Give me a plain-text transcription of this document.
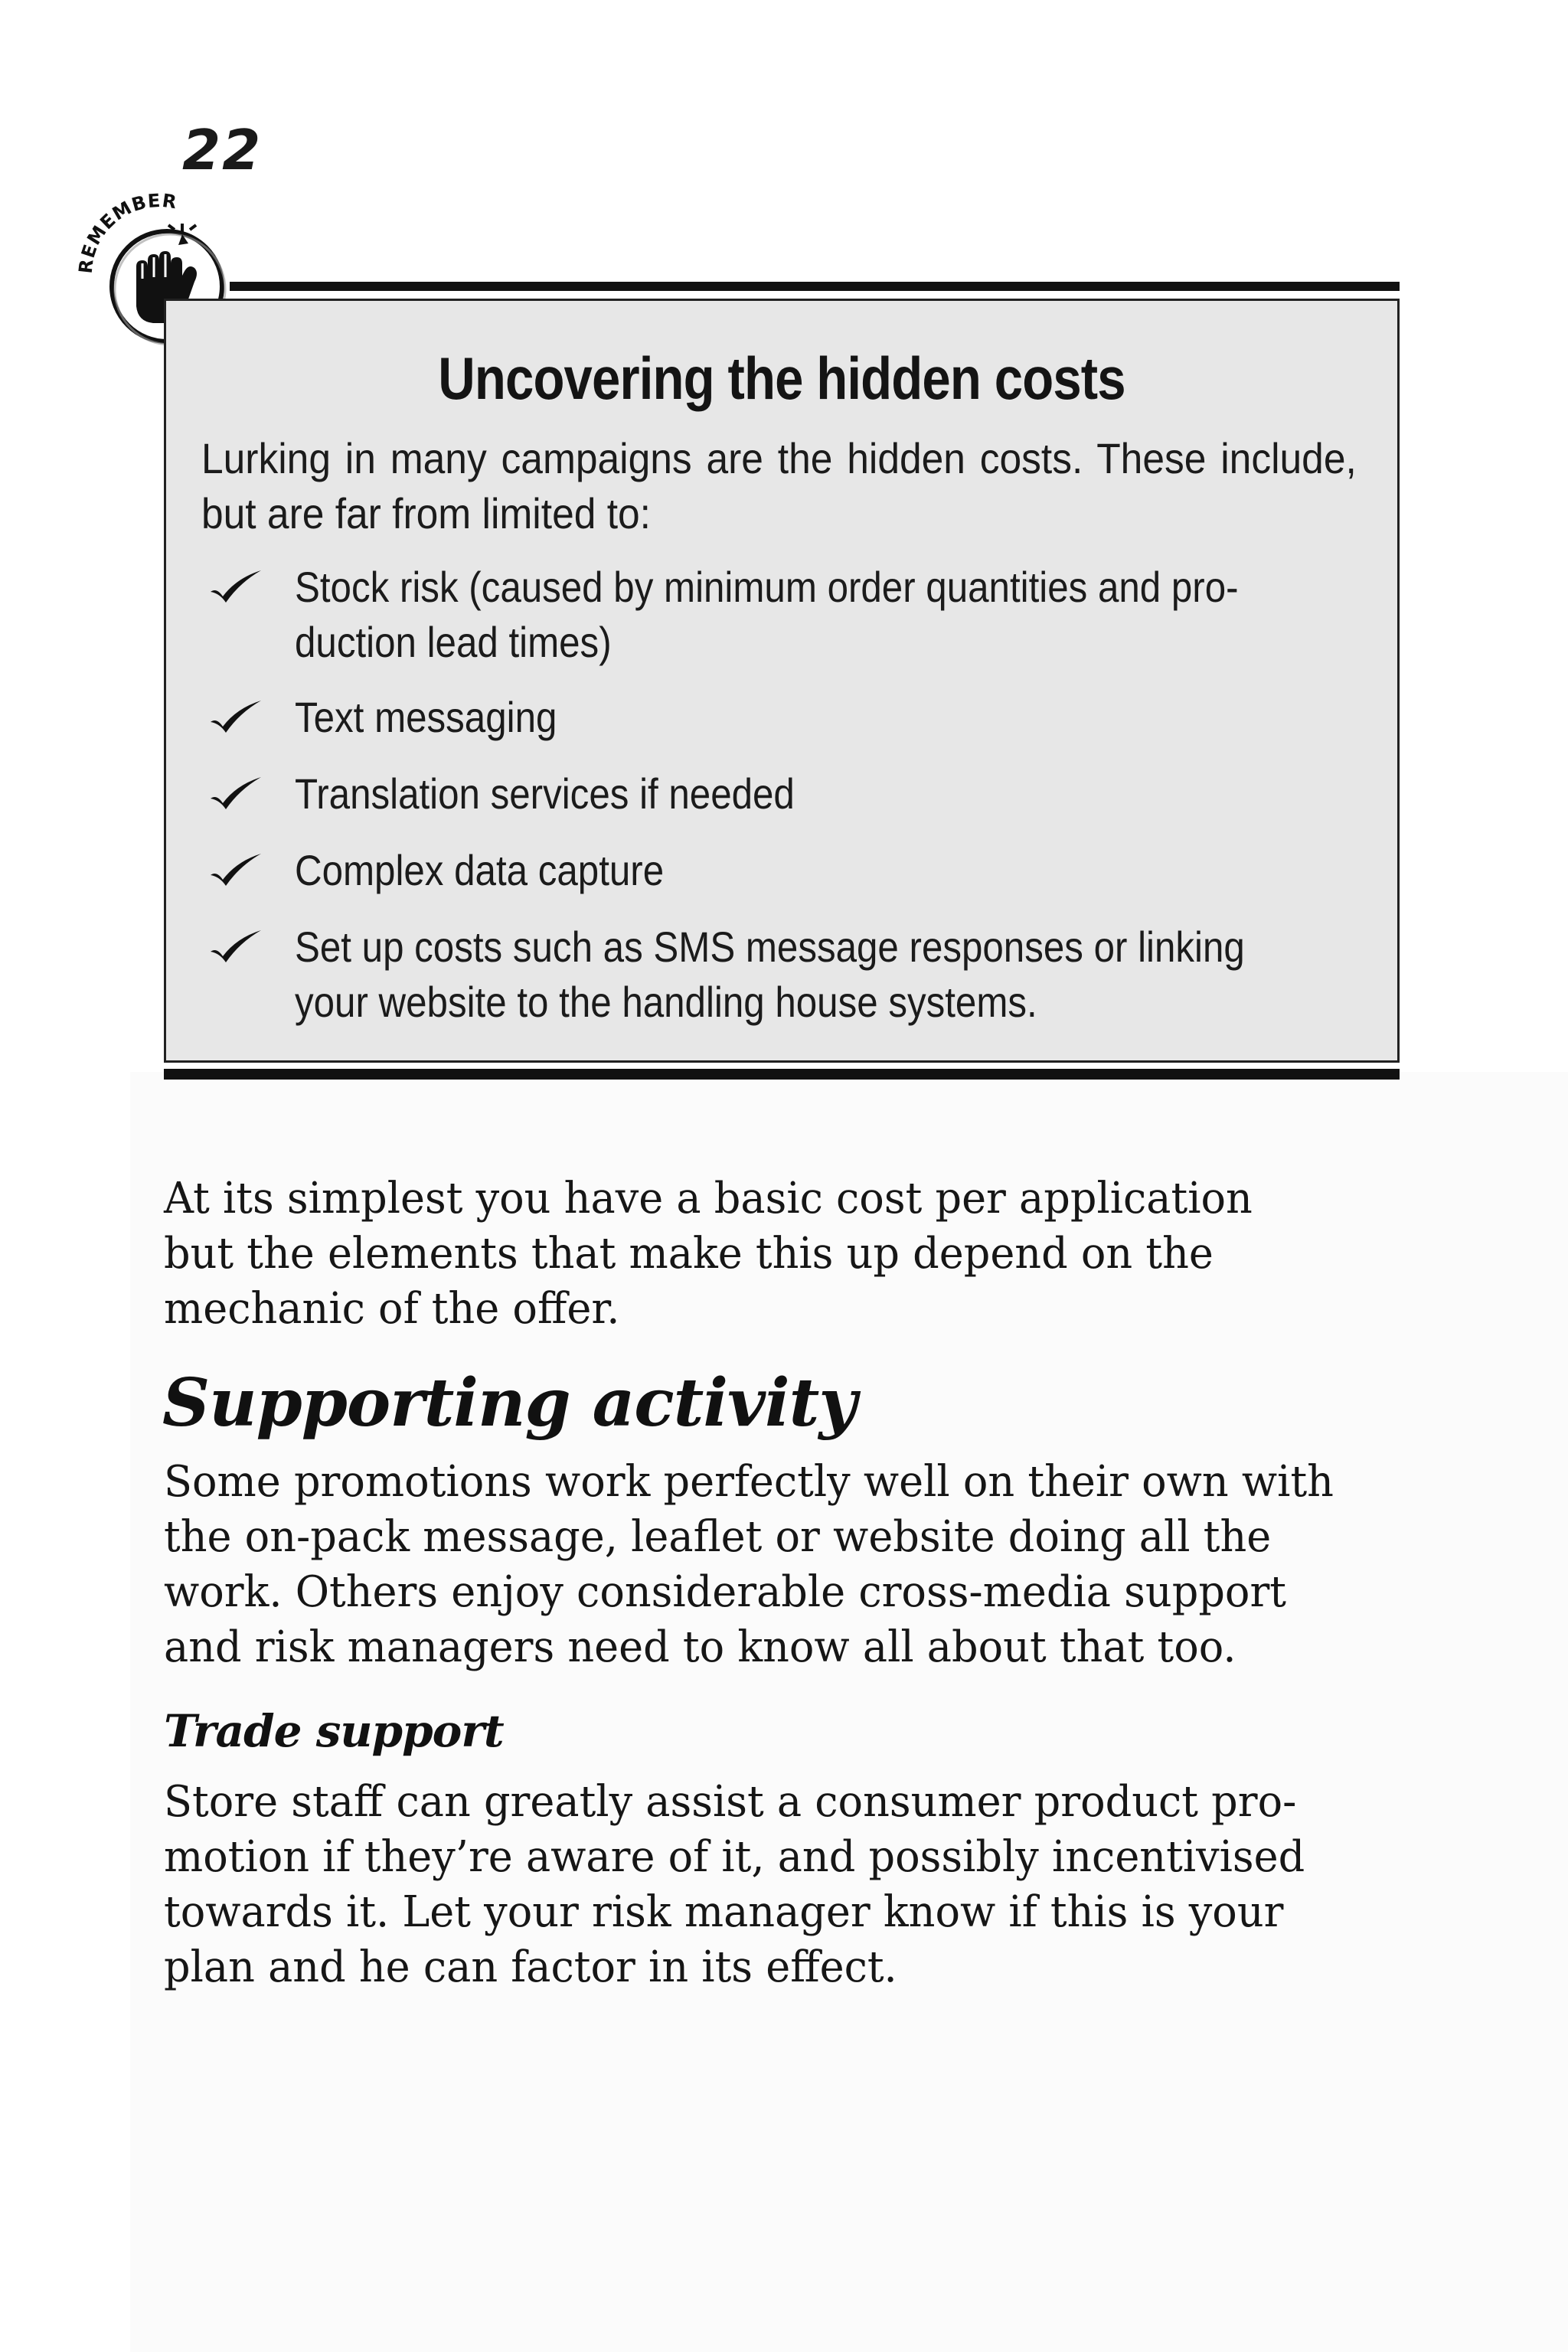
22
REMEMBER
Uncovering the hidden costs
Lurking in many campaigns are the hidden costs. These include, but are far from limited to:
Stock risk (caused by minimum order quantities and pro-
duction lead times)
Text messaging
Translation services if needed
Complex data capture
Set up costs such as SMS message responses or linking
your website to the handling house systems.
At its simplest you have a basic cost per application
but the elements that make this up depend on the
mechanic of the offer.
Supporting activity
Some promotions work perfectly well on their own with
the on-pack message, leaflet or website doing all the
work. Others enjoy considerable cross-media support
and risk managers need to know all about that too.
Trade support
Store staff can greatly assist a consumer product pro-
motion if they’re aware of it, and possibly incentivised
towards it. Let your risk manager know if this is your
plan and he can factor in its effect.
